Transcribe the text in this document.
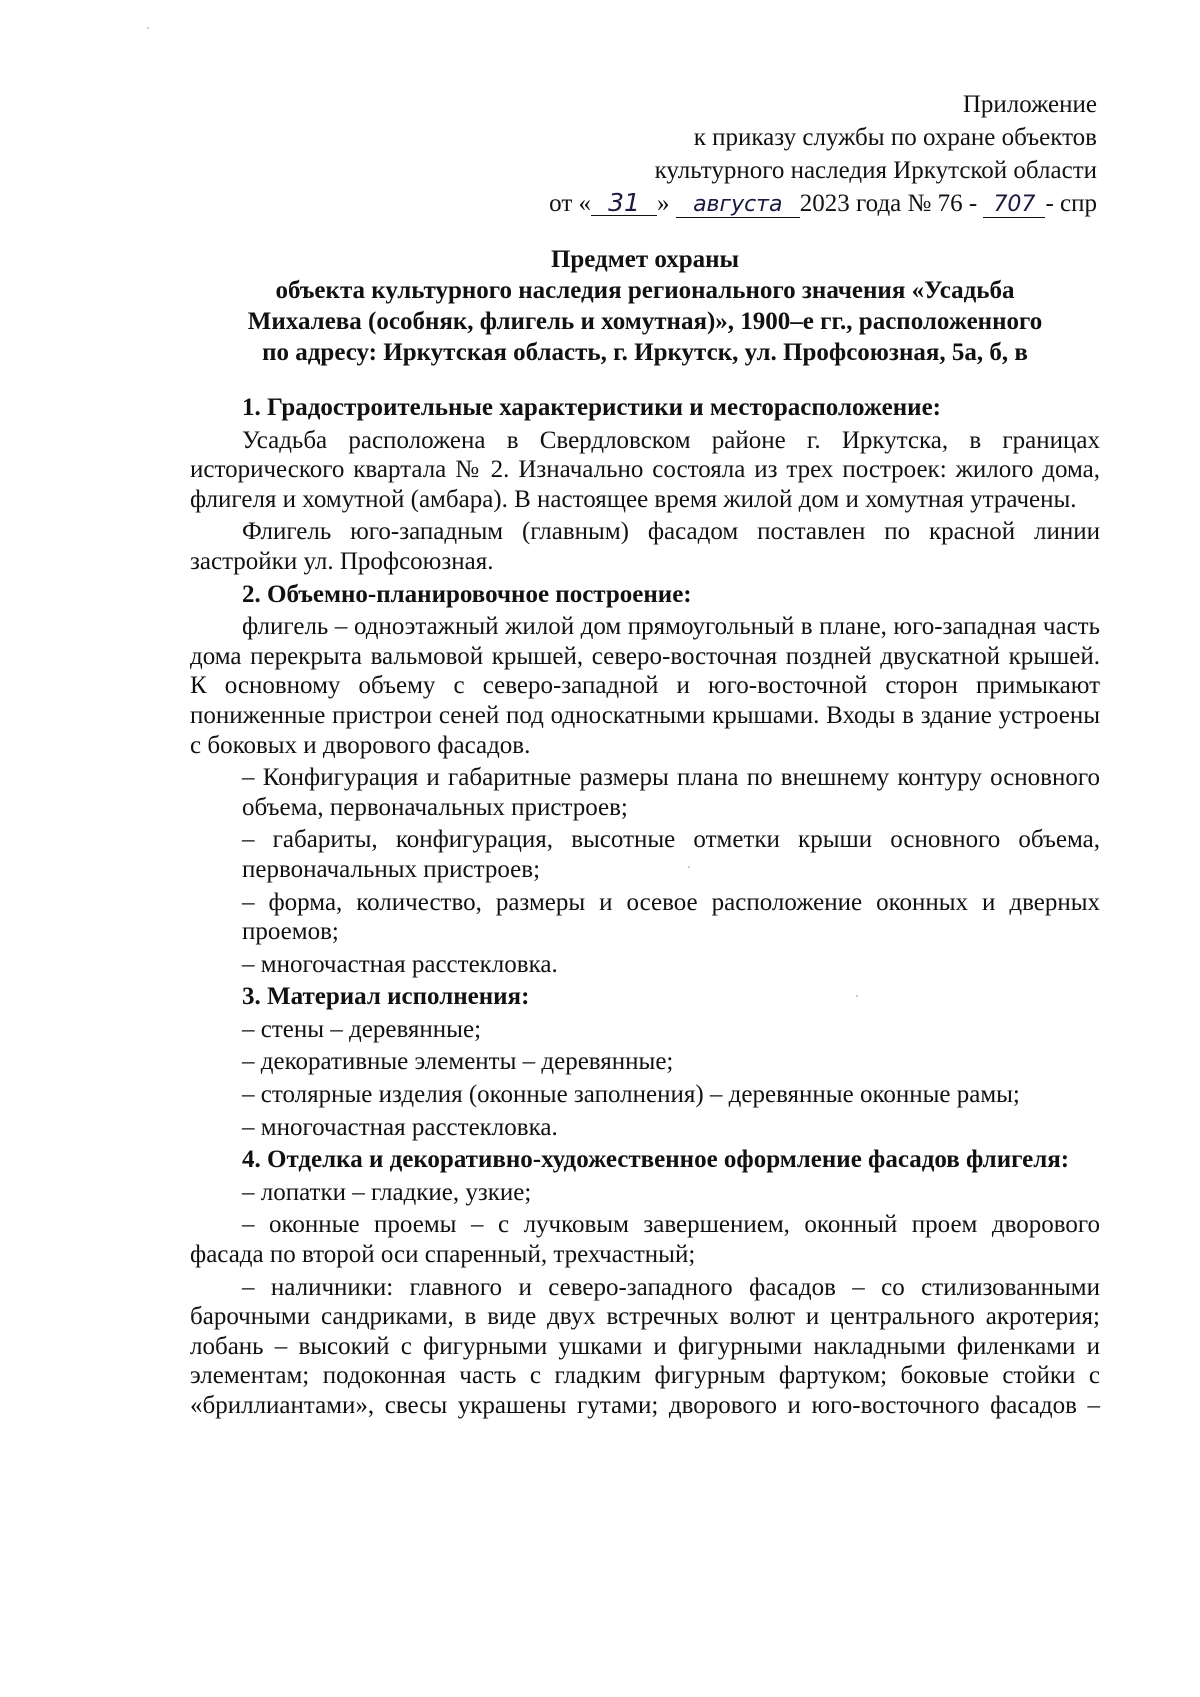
Приложение
к приказу службы по охране объектов
культурного наследия Иркутской области
от « 31 » августа 2023 года № 76 - 707 - спр
Предмет охраны
объекта культурного наследия регионального значения «Усадьба
Михалева (особняк, флигель и хомутная)», 1900–е гг., расположенного
по адресу: Иркутская область, г. Иркутск, ул. Профсоюзная, 5а, б, в

1. Градостроительные характеристики и месторасположение:

Усадьба расположена в Свердловском районе г. Иркутска, в границах исторического квартала № 2. Изначально состояла из трех построек: жилого дома, флигеля и хомутной (амбара). В настоящее время жилой дом и хомутная утрачены.

Флигель юго-западным (главным) фасадом поставлен по красной линии застройки ул. Профсоюзная.

2. Объемно-планировочное построение:

флигель – одноэтажный жилой дом прямоугольный в плане, юго-западная часть дома перекрыта вальмовой крышей, северо-восточная поздней двускатной крышей. К основному объему с северо-западной и юго-восточной сторон примыкают пониженные пристрои сеней под односкатными крышами. Входы в здание устроены с боковых и дворового фасадов.

– Конфигурация и габаритные размеры плана по внешнему контуру основного объема, первоначальных пристроев;

– габариты, конфигурация, высотные отметки крыши основного объема, первоначальных пристроев;

– форма, количество, размеры и осевое расположение оконных и дверных проемов;

– многочастная расстекловка.

3. Материал исполнения:

– стены – деревянные;

– декоративные элементы – деревянные;

– столярные изделия (оконные заполнения) – деревянные оконные рамы;

– многочастная расстекловка.

4. Отделка и декоративно-художественное оформление фасадов флигеля:

– лопатки – гладкие, узкие;

– оконные проемы – с лучковым завершением, оконный проем дворового фасада по второй оси спаренный, трехчастный;

– наличники: главного и северо-западного фасадов – со стилизованными барочными сандриками, в виде двух встречных волют и центрального акротерия; лобань – высокий с фигурными ушками и фигурными накладными филенками и элементам; подоконная часть с гладким фигурным фартуком; боковые стойки с «бриллиантами», свесы украшены гутами; дворового и юго-восточного фасадов –
